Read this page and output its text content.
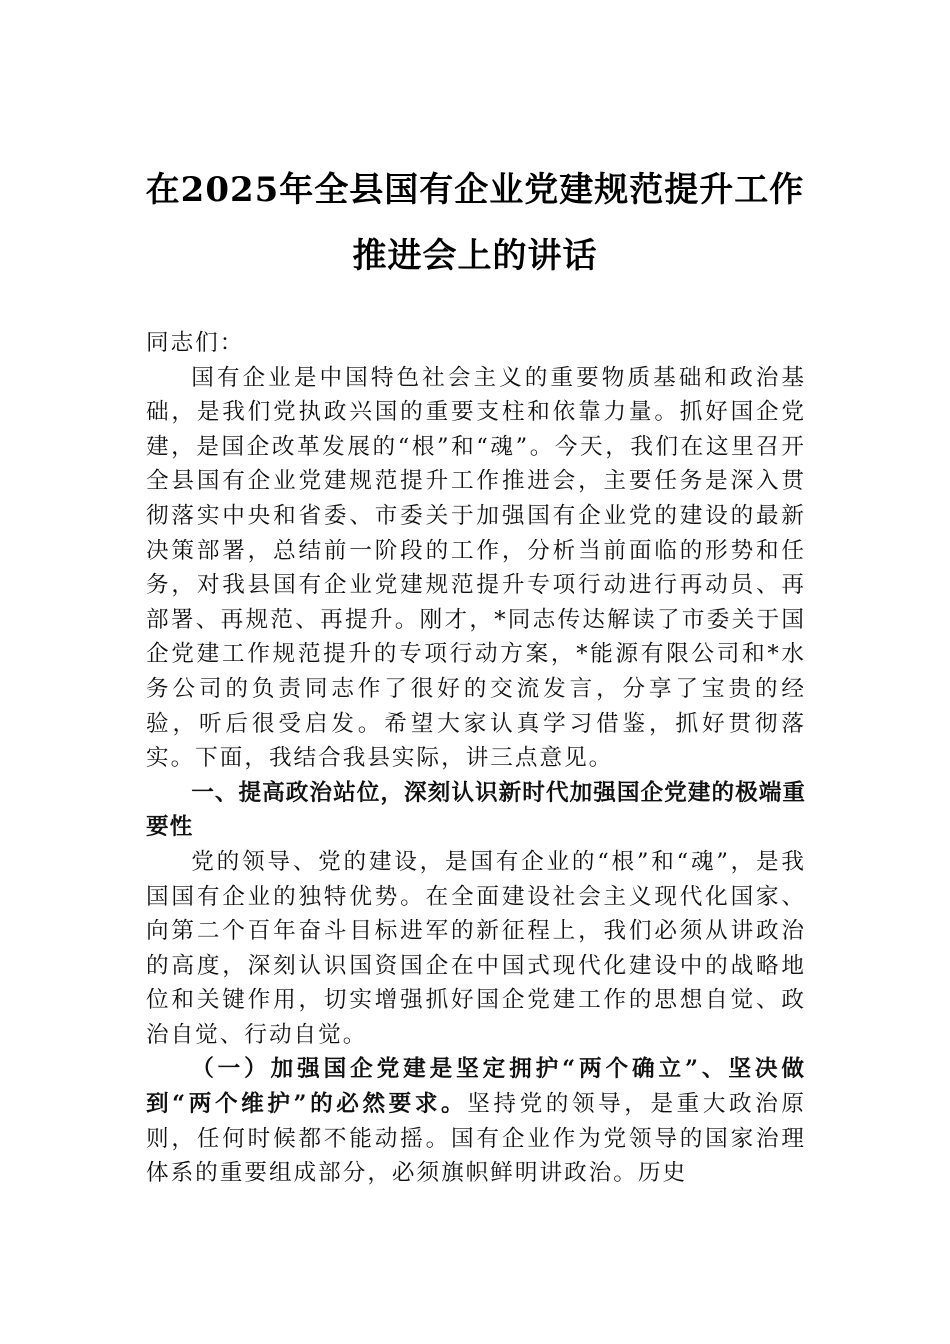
在2025年全县国有企业党建规范提升工作
推进会上的讲话

同志们：

国有企业是中国特色社会主义的重要物质基础和政治基础，是我们党执政兴国的重要支柱和依靠力量。抓好国企党建，是国企改革发展的“根”和“魂”。今天，我们在这里召开全县国有企业党建规范提升工作推进会，主要任务是深入贯彻落实中央和省委、市委关于加强国有企业党的建设的最新决策部署，总结前一阶段的工作，分析当前面临的形势和任务，对我县国有企业党建规范提升专项行动进行再动员、再部署、再规范、再提升。刚才，*同志传达解读了市委关于国企党建工作规范提升的专项行动方案，*能源有限公司和*水务公司的负责同志作了很好的交流发言，分享了宝贵的经验，听后很受启发。希望大家认真学习借鉴，抓好贯彻落实。下面，我结合我县实际，讲三点意见。

一、提高政治站位，深刻认识新时代加强国企党建的极端重要性

党的领导、党的建设，是国有企业的“根”和“魂”，是我国国有企业的独特优势。在全面建设社会主义现代化国家、向第二个百年奋斗目标进军的新征程上，我们必须从讲政治的高度，深刻认识国资国企在中国式现代化建设中的战略地位和关键作用，切实增强抓好国企党建工作的思想自觉、政治自觉、行动自觉。

（一）加强国企党建是坚定拥护“两个确立”、坚决做到“两个维护”的必然要求。坚持党的领导，是重大政治原则，任何时候都不能动摇。国有企业作为党领导的国家治理体系的重要组成部分，必须旗帜鲜明讲政治。历史
